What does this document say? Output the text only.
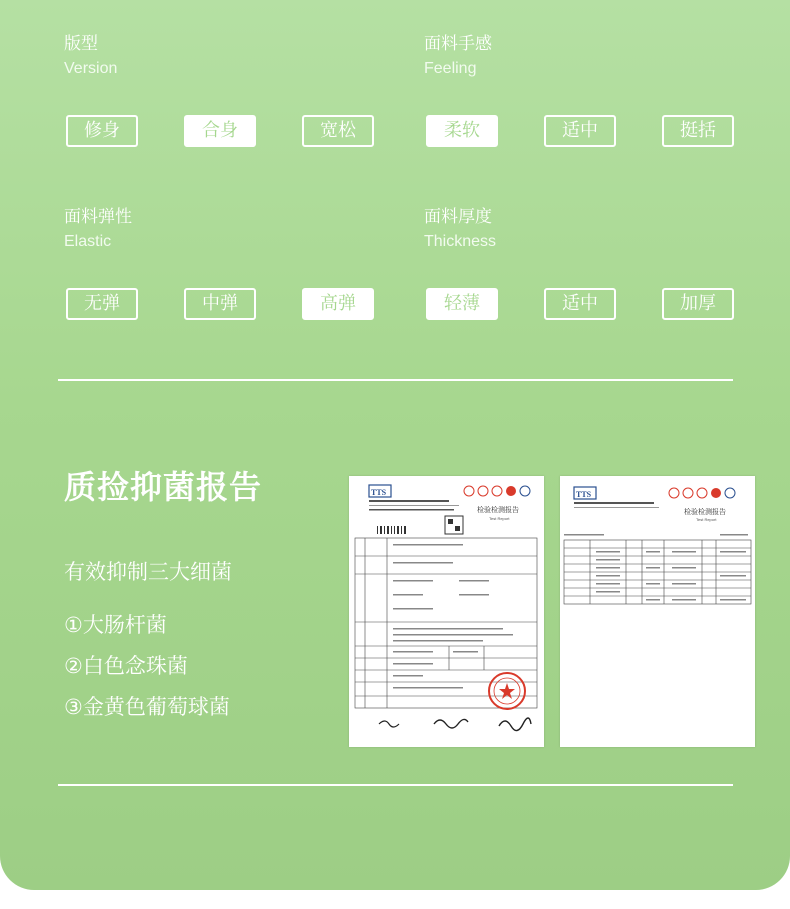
版型
Version
面料手感
Feeling
面料弹性
Elastic
面料厚度
Thickness
修身	合身	宽松	柔软	适中	挺括
无弹	中弹	高弹	轻薄	适中	加厚
质捡抑菌报告
有效抑制三大细菌
①大肠杆菌
②白色念珠菌
③金黄色葡萄球菌
TTS
检验检测报告
Test Report
TTS
检验检测报告
Test Report
